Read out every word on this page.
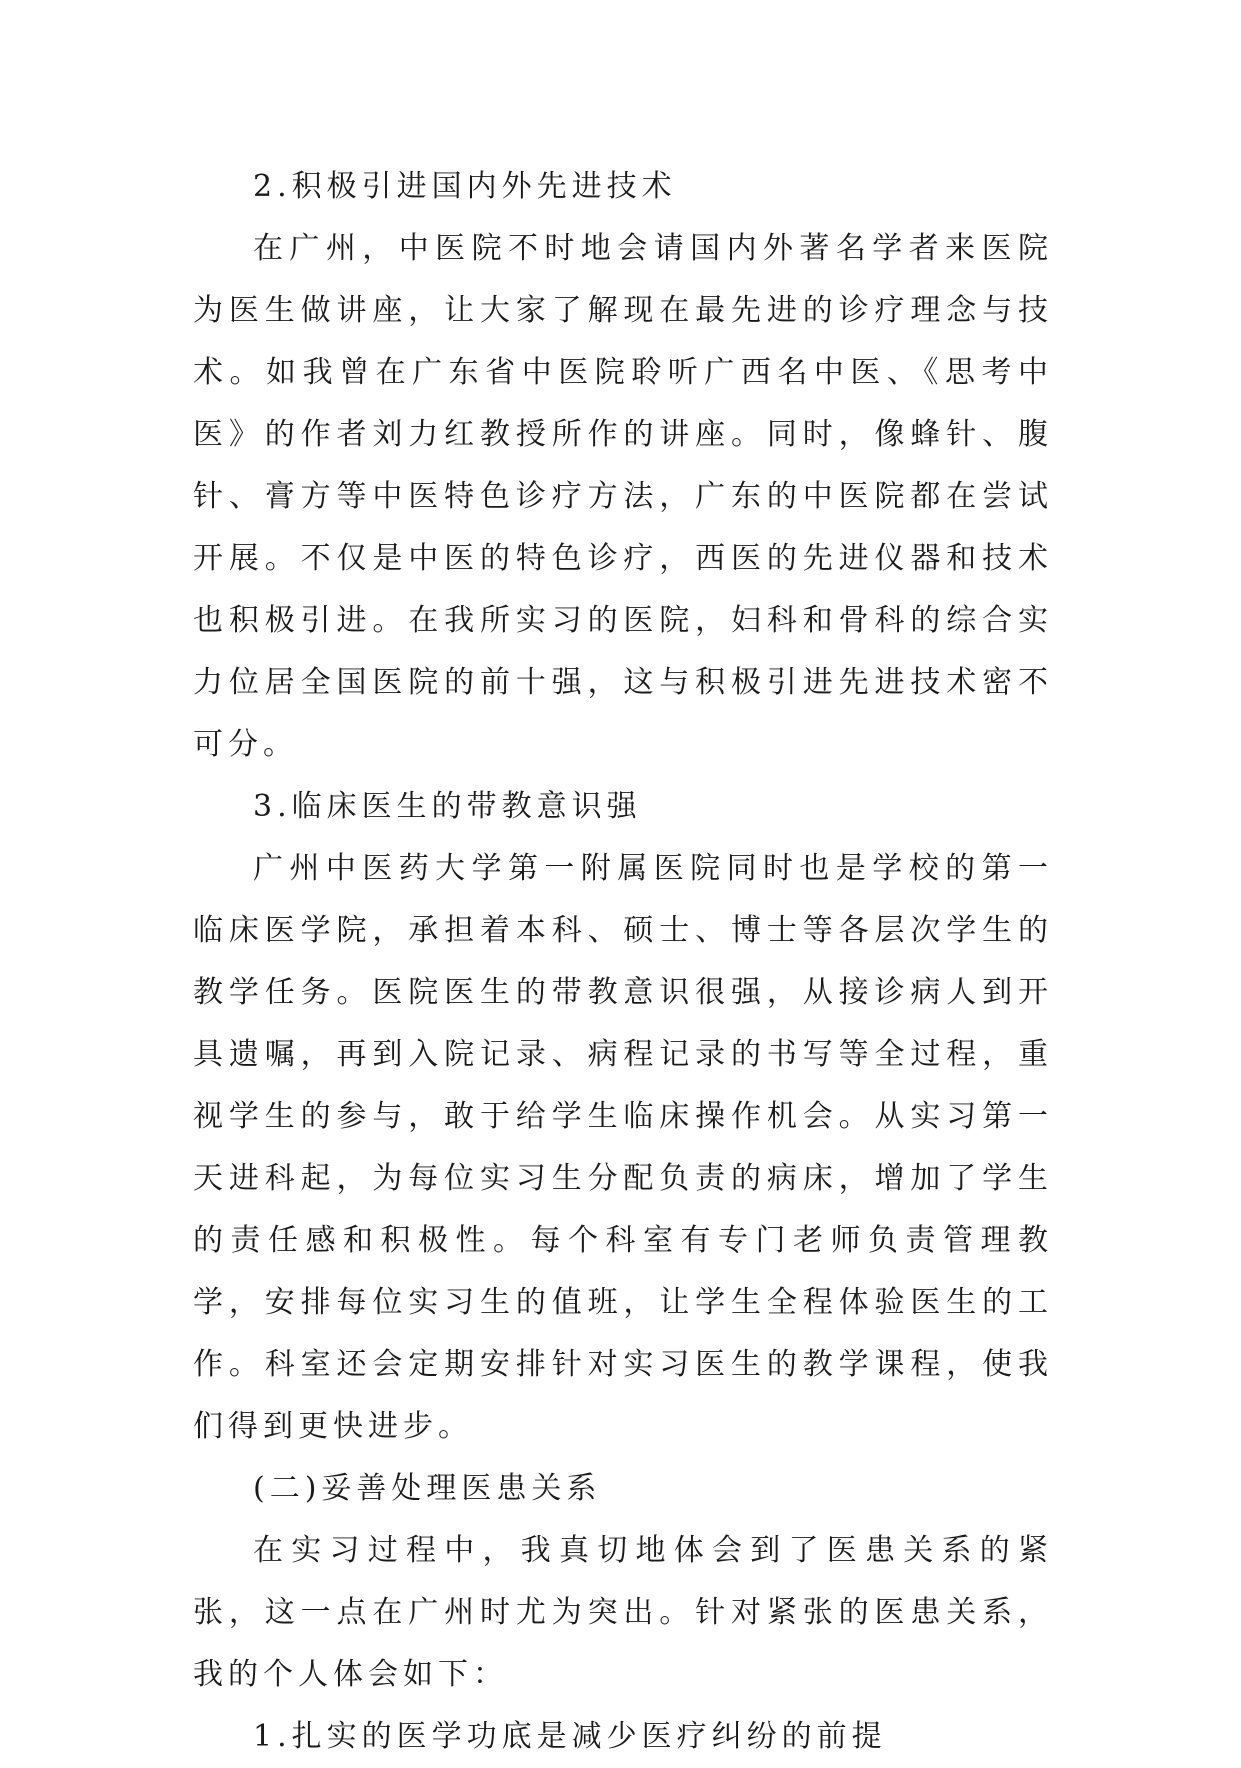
2.积极引进国内外先进技术

在广州，中医院不时地会请国内外著名学者来医院为医生做讲座，让大家了解现在最先进的诊疗理念与技术。如我曾在广东省中医院聆听广西名中医、《思考中医》的作者刘力红教授所作的讲座。同时，像蜂针、腹针、膏方等中医特色诊疗方法，广东的中医院都在尝试开展。不仅是中医的特色诊疗，西医的先进仪器和技术也积极引进。在我所实习的医院，妇科和骨科的综合实力位居全国医院的前十强，这与积极引进先进技术密不可分。

3.临床医生的带教意识强

广州中医药大学第一附属医院同时也是学校的第一临床医学院，承担着本科、硕士、博士等各层次学生的教学任务。医院医生的带教意识很强，从接诊病人到开具遗嘱，再到入院记录、病程记录的书写等全过程，重视学生的参与，敢于给学生临床操作机会。从实习第一天进科起，为每位实习生分配负责的病床，增加了学生的责任感和积极性。每个科室有专门老师负责管理教学，安排每位实习生的值班，让学生全程体验医生的工作。科室还会定期安排针对实习医生的教学课程，使我们得到更快进步。

(二)妥善处理医患关系

在实习过程中，我真切地体会到了医患关系的紧张，这一点在广州时尤为突出。针对紧张的医患关系，我的个人体会如下：

1.扎实的医学功底是减少医疗纠纷的前提
